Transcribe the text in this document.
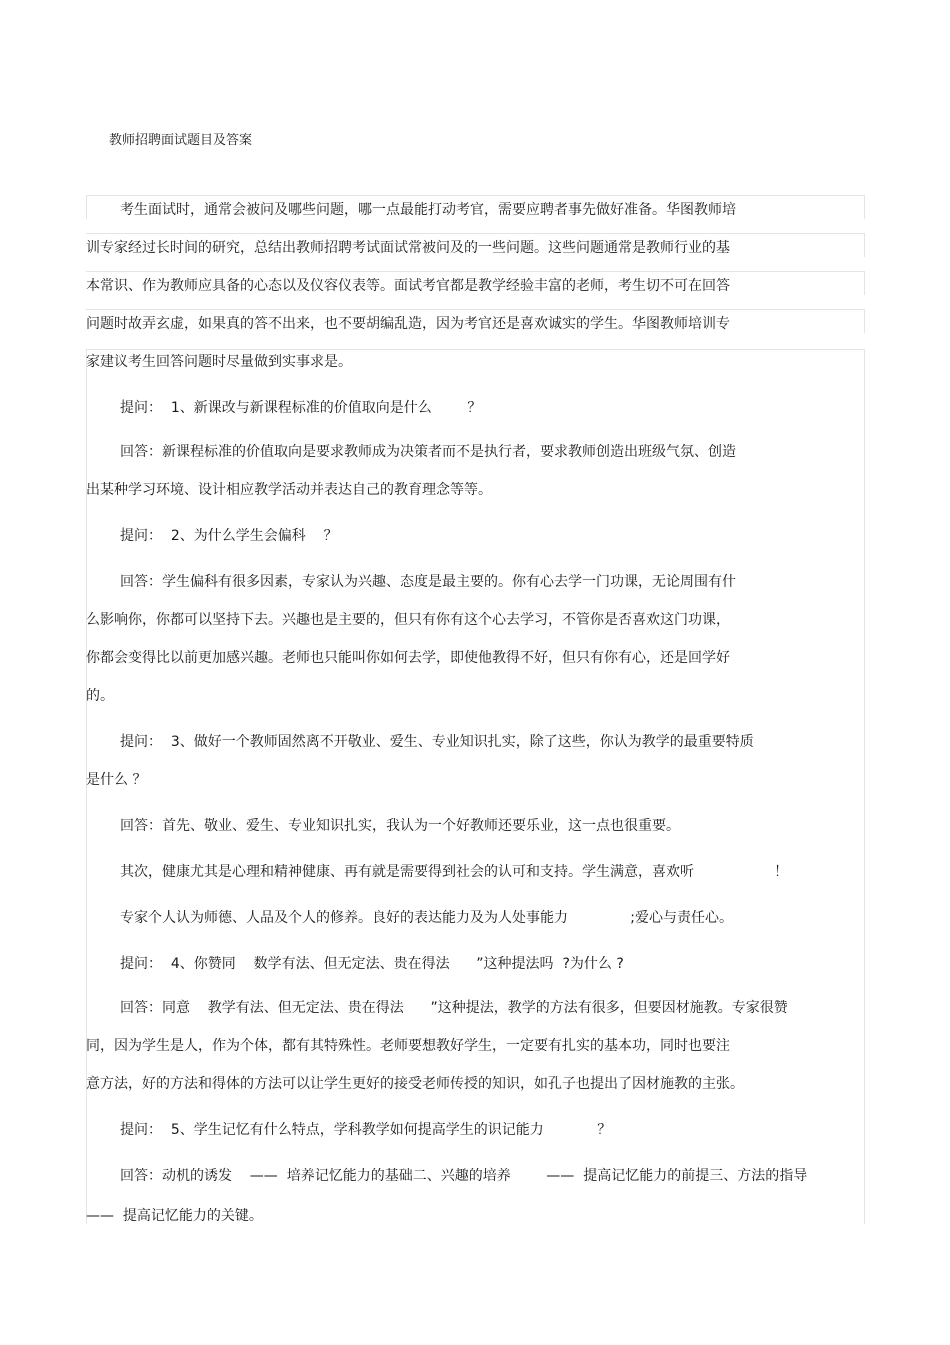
教师招聘面试题目及答案
考生面试时，通常会被问及哪些问题，哪一点最能打动考官，需要应聘者事先做好准备。华图教师培
训专家经过长时间的研究，总结出教师招聘考试面试常被问及的一些问题。这些问题通常是教师行业的基
本常识、作为教师应具备的心态以及仪容仪表等。面试考官都是教学经验丰富的老师，考生切不可在回答
问题时故弄玄虚，如果真的答不出来，也不要胡编乱造，因为考官还是喜欢诚实的学生。华图教师培训专
家建议考生回答问题时尽量做到实事求是。
提问：  1、新课改与新课程标准的价值取向是什么        ？
回答：新课程标准的价值取向是要求教师成为决策者而不是执行者，要求教师创造出班级气氛、创造
出某种学习环境、设计相应教学活动并表达自己的教育理念等等。
提问：  2、为什么学生会偏科    ？
回答：学生偏科有很多因素，专家认为兴趣、态度是最主要的。你有心去学一门功课，无论周围有什
么影响你，你都可以坚持下去。兴趣也是主要的，但只有你有这个心去学习，不管你是否喜欢这门功课，
你都会变得比以前更加感兴趣。老师也只能叫你如何去学，即使他教得不好，但只有你有心，还是回学好
的。
提问：  3、做好一个教师固然离不开敬业、爱生、专业知识扎实，除了这些，你认为教学的最重要特质
是什么 ？
回答：首先、敬业、爱生、专业知识扎实，我认为一个好教师还要乐业，这一点也很重要。
其次，健康尤其是心理和精神健康、再有就是需要得到社会的认可和支持。学生满意，喜欢听                  ！
专家个人认为师德、人品及个人的修养。良好的表达能力及为人处事能力              ;爱心与责任心。
提问：  4、你赞同    数学有法、但无定法、贵在得法      ”这种提法吗  ?为什么 ?
回答：同意    教学有法、但无定法、贵在得法      ”这种提法，教学的方法有很多，但要因材施教。专家很赞
同，因为学生是人，作为个体，都有其特殊性。老师要想教好学生，一定要有扎实的基本功，同时也要注
意方法，好的方法和得体的方法可以让学生更好的接受老师传授的知识，如孔子也提出了因材施教的主张。
提问：  5、学生记忆有什么特点，学科教学如何提高学生的识记能力            ？
回答：动机的诱发    ——  培养记忆能力的基础二、兴趣的培养        ——  提高记忆能力的前提三、方法的指导
——  提高记忆能力的关键。
